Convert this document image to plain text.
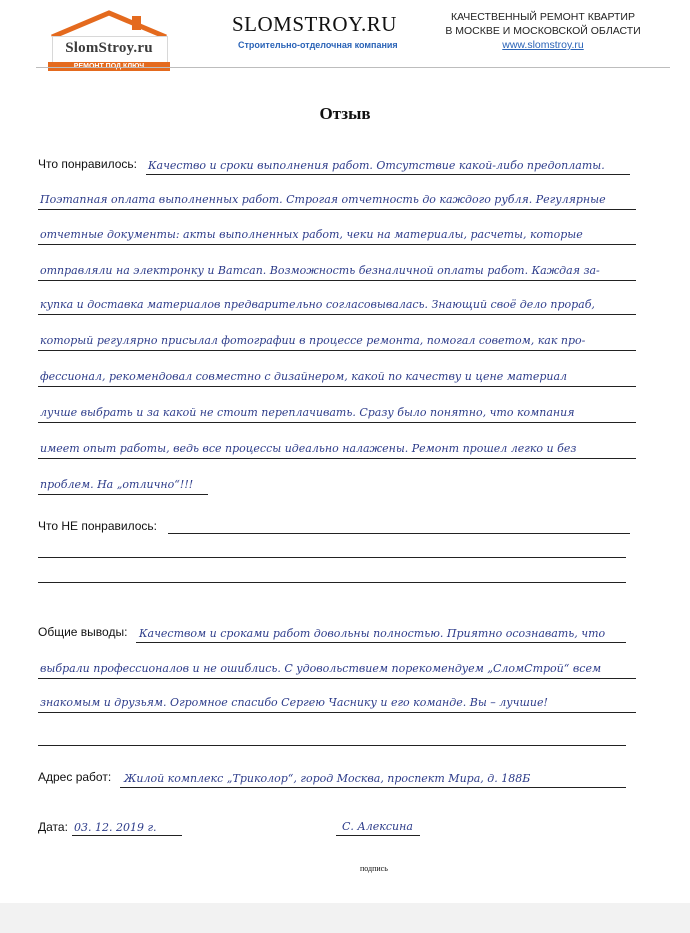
SlomStroy.ru
SLOMSTROY.RU
Строительно-отделочная компания
КАЧЕСТВЕННЫЙ РЕМОНТ КВАРТИР
В МОСКВЕ И МОСКОВСКОЙ ОБЛАСТИ
www.slomstroy.ru
Отзыв
Что понравилось: Качество и сроки выполнения работ. Отсутствие какой-либо предоплаты.
Поэтапная оплата выполненных работ. Строгая отчетность до каждого рубля. Регулярные
отчетные документы: акты выполненных работ, чеки на материалы, расчеты, которые
отправляли на электронку и Ватсап. Возможность безналичной оплаты работ. Каждая за-
купка и доставка материалов предварительно согласовывалась. Знающий своё дело прораб,
который регулярно присылал фотографии в процессе ремонта, помогал советом, как про-
фессионал, рекомендовал совместно с дизайнером, какой по качеству и цене материал
лучше выбрать и за какой не стоит переплачивать. Сразу было понятно, что компания
имеет опыт работы, ведь все процессы идеально налажены. Ремонт прошел легко и без
проблем. На „отлично“!!!
Что НЕ понравилось:
Общие выводы: Качеством и сроками работ довольны полностью. Приятно осознавать, что
выбрали профессионалов и не ошиблись. С удовольствием порекомендуем „СломСтрой“ всем
знакомым и друзьям. Огромное спасибо Сергею Часнику и его команде. Вы – лучшие!
Адрес работ: Жилой комплекс „Триколор“, город Москва, проспект Мира, д. 188Б
Дата: 03. 12. 2019 г.	С. Алексина
подпись
